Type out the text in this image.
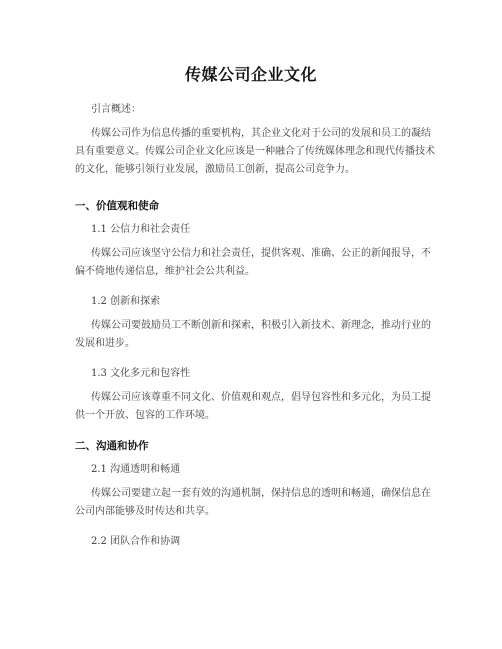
传媒公司企业文化

引言概述：

传媒公司作为信息传播的重要机构，其企业文化对于公司的发展和员工的凝结具有重要意义。传媒公司企业文化应该是一种融合了传统媒体理念和现代传播技术的文化，能够引领行业发展，激励员工创新，提高公司竞争力。

一、价值观和使命

1.1 公信力和社会责任

传媒公司应该坚守公信力和社会责任，提供客观、准确、公正的新闻报导，不偏不倚地传递信息，维护社会公共利益。

1.2 创新和探索

传媒公司要鼓励员工不断创新和探索，积极引入新技术、新理念，推动行业的发展和进步。

1.3 文化多元和包容性

传媒公司应该尊重不同文化、价值观和观点，倡导包容性和多元化，为员工提供一个开放、包容的工作环境。

二、沟通和协作

2.1 沟通透明和畅通

传媒公司要建立起一套有效的沟通机制，保持信息的透明和畅通，确保信息在公司内部能够及时传达和共享。

2.2 团队合作和协调
